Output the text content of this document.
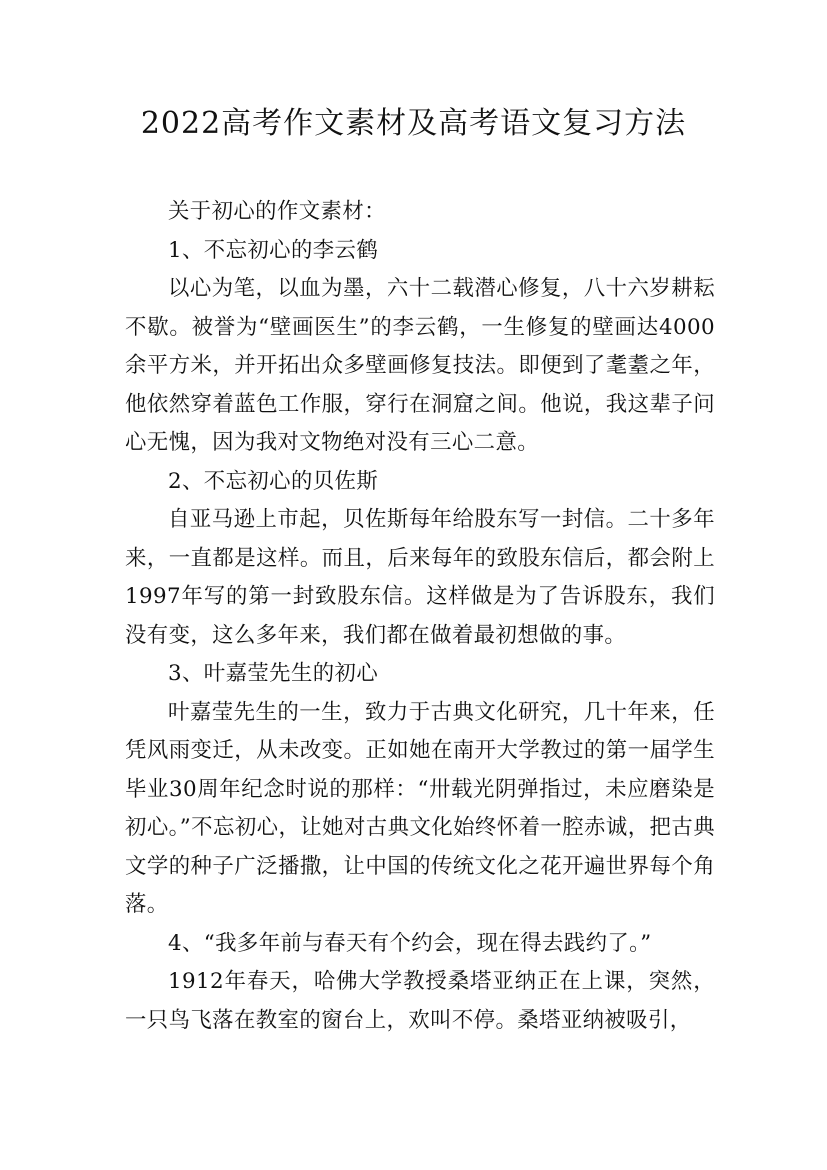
2022高考作文素材及高考语文复习方法

关于初心的作文素材：

1、不忘初心的李云鹤

以心为笔，以血为墨，六十二载潜心修复，八十六岁耕耘不歇。被誉为“壁画医生”的李云鹤，一生修复的壁画达4000余平方米，并开拓出众多壁画修复技法。即便到了耄耋之年，他依然穿着蓝色工作服，穿行在洞窟之间。他说，我这辈子问心无愧，因为我对文物绝对没有三心二意。

2、不忘初心的贝佐斯

自亚马逊上市起，贝佐斯每年给股东写一封信。二十多年来，一直都是这样。而且，后来每年的致股东信后，都会附上1997年写的第一封致股东信。这样做是为了告诉股东，我们没有变，这么多年来，我们都在做着最初想做的事。

3、叶嘉莹先生的初心

叶嘉莹先生的一生，致力于古典文化研究，几十年来，任凭风雨变迁，从未改变。正如她在南开大学教过的第一届学生毕业30周年纪念时说的那样：“卅载光阴弹指过，未应磨染是初心。”不忘初心，让她对古典文化始终怀着一腔赤诚，把古典文学的种子广泛播撒，让中国的传统文化之花开遍世界每个角落。

4、“我多年前与春天有个约会，现在得去践约了。”

1912年春天，哈佛大学教授桑塔亚纳正在上课，突然，一只鸟飞落在教室的窗台上，欢叫不停。桑塔亚纳被吸引，
